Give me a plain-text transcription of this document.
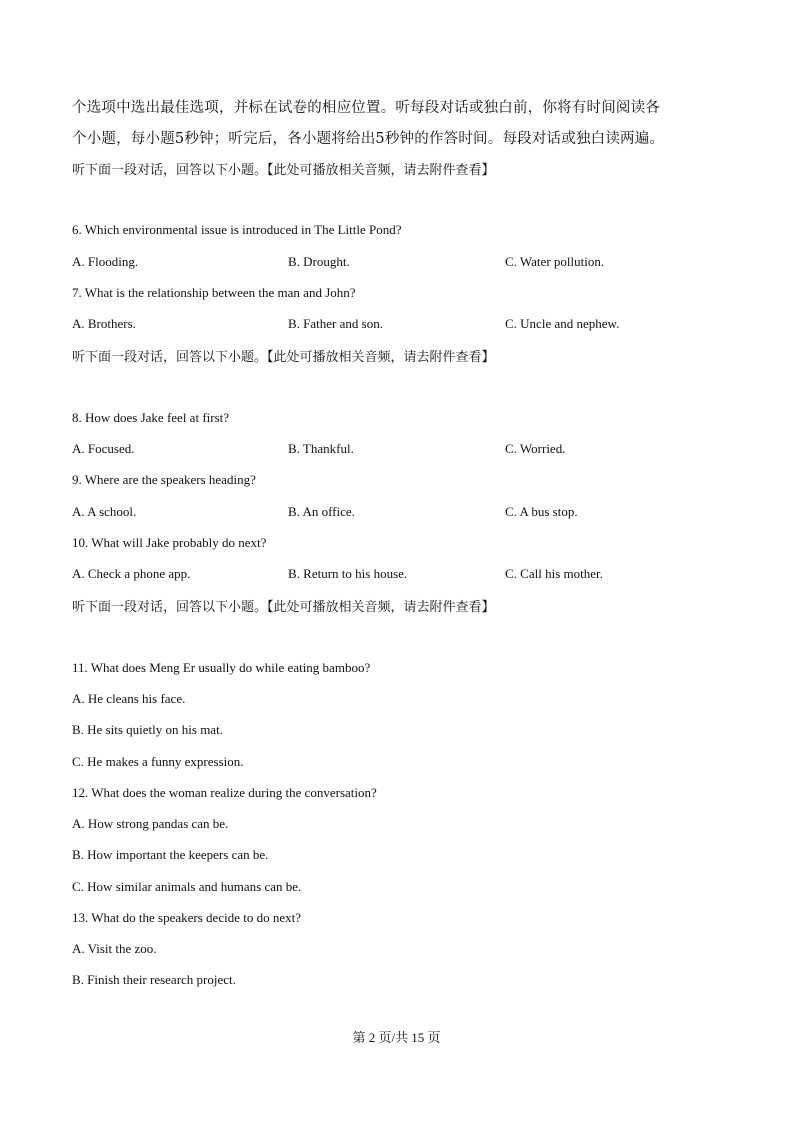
个选项中选出最佳选项，并标在试卷的相应位置。听每段对话或独白前，你将有时间阅读各
个小题，每小题5秒钟；听完后，各小题将给出5秒钟的作答时间。每段对话或独白读两遍。
听下面一段对话，回答以下小题。【此处可播放相关音频，请去附件查看】
6. Which environmental issue is introduced in The Little Pond?
A. Flooding.	B. Drought.	C. Water pollution.
7. What is the relationship between the man and John?
A. Brothers.	B. Father and son.	C. Uncle and nephew.
听下面一段对话，回答以下小题。【此处可播放相关音频，请去附件查看】
8. How does Jake feel at first?
A. Focused.	B. Thankful.	C. Worried.
9. Where are the speakers heading?
A. A school.	B. An office.	C. A bus stop.
10. What will Jake probably do next?
A. Check a phone app.	B. Return to his house.	C. Call his mother.
听下面一段对话，回答以下小题。【此处可播放相关音频，请去附件查看】
11. What does Meng Er usually do while eating bamboo?
A. He cleans his face.
B. He sits quietly on his mat.
C. He makes a funny expression.
12. What does the woman realize during the conversation?
A. How strong pandas can be.
B. How important the keepers can be.
C. How similar animals and humans can be.
13. What do the speakers decide to do next?
A. Visit the zoo.
B. Finish their research project.
第 2 页/共 15 页
